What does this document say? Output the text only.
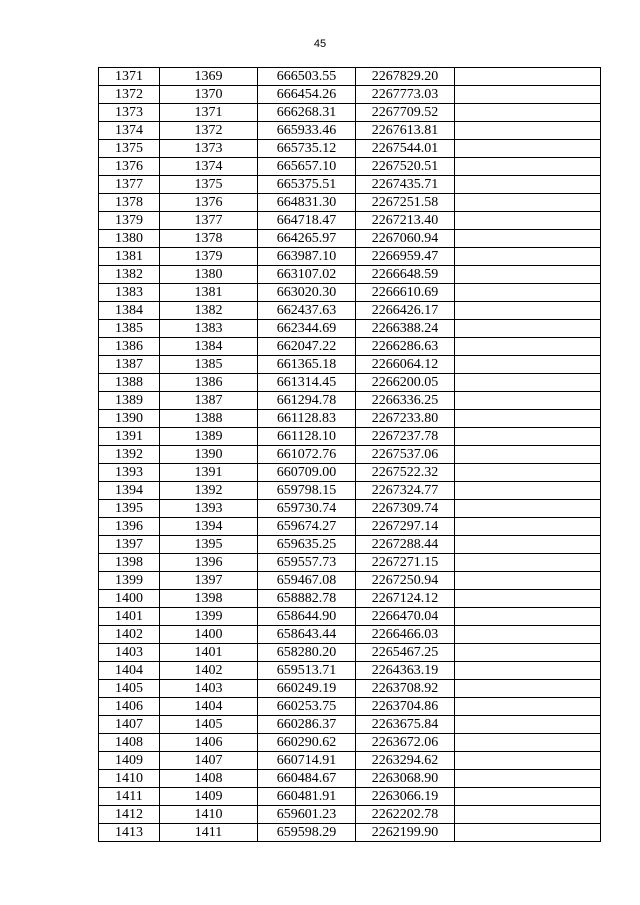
45
1371	1369	666503.55	2267829.20	
1372	1370	666454.26	2267773.03	
1373	1371	666268.31	2267709.52	
1374	1372	665933.46	2267613.81	
1375	1373	665735.12	2267544.01	
1376	1374	665657.10	2267520.51	
1377	1375	665375.51	2267435.71	
1378	1376	664831.30	2267251.58	
1379	1377	664718.47	2267213.40	
1380	1378	664265.97	2267060.94	
1381	1379	663987.10	2266959.47	
1382	1380	663107.02	2266648.59	
1383	1381	663020.30	2266610.69	
1384	1382	662437.63	2266426.17	
1385	1383	662344.69	2266388.24	
1386	1384	662047.22	2266286.63	
1387	1385	661365.18	2266064.12	
1388	1386	661314.45	2266200.05	
1389	1387	661294.78	2266336.25	
1390	1388	661128.83	2267233.80	
1391	1389	661128.10	2267237.78	
1392	1390	661072.76	2267537.06	
1393	1391	660709.00	2267522.32	
1394	1392	659798.15	2267324.77	
1395	1393	659730.74	2267309.74	
1396	1394	659674.27	2267297.14	
1397	1395	659635.25	2267288.44	
1398	1396	659557.73	2267271.15	
1399	1397	659467.08	2267250.94	
1400	1398	658882.78	2267124.12	
1401	1399	658644.90	2266470.04	
1402	1400	658643.44	2266466.03	
1403	1401	658280.20	2265467.25	
1404	1402	659513.71	2264363.19	
1405	1403	660249.19	2263708.92	
1406	1404	660253.75	2263704.86	
1407	1405	660286.37	2263675.84	
1408	1406	660290.62	2263672.06	
1409	1407	660714.91	2263294.62	
1410	1408	660484.67	2263068.90	
1411	1409	660481.91	2263066.19	
1412	1410	659601.23	2262202.78	
1413	1411	659598.29	2262199.90	
